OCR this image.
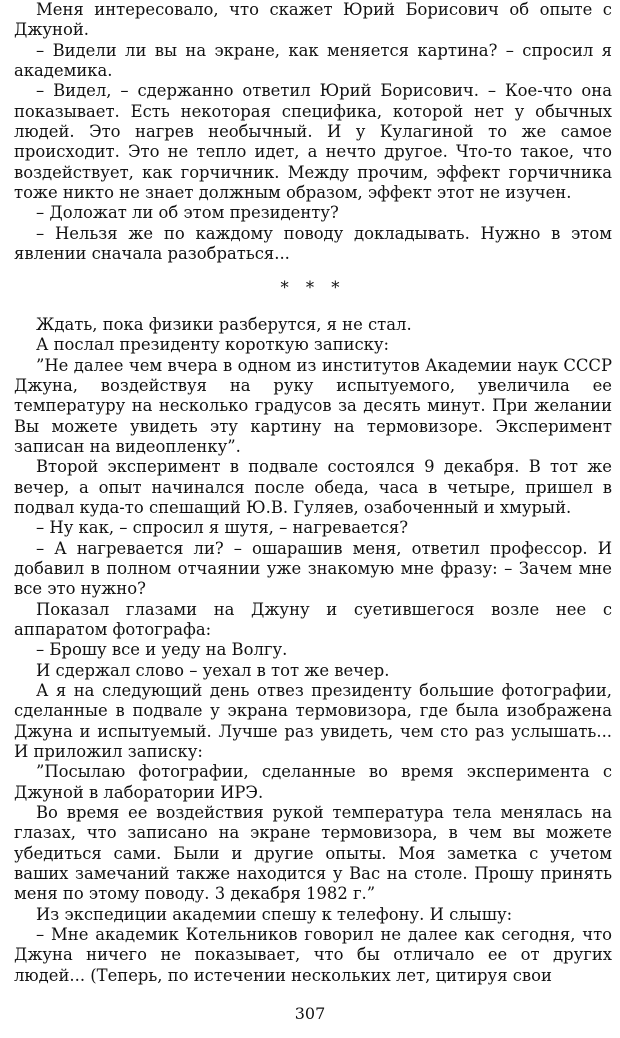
Меня интересовало, что скажет Юрий Борисович об опыте с Джуной.

– Видели ли вы на экране, как меняется картина? – спросил я академика.

– Видел, – сдержанно ответил Юрий Борисович. – Кое-что она показывает. Есть некоторая специфика, которой нет у обычных людей. Это нагрев необычный. И у Кулагиной то же самое происходит. Это не тепло идет, а нечто другое. Что-то такое, что воздействует, как горчичник. Между прочим, эффект горчичника тоже никто не знает должным образом, эффект этот не изучен.

– Доложат ли об этом президенту?

– Нельзя же по каждому поводу докладывать. Нужно в этом явлении сначала разобраться...

* * *

Ждать, пока физики разберутся, я не стал.

А послал президенту короткую записку:

”Не далее чем вчера в одном из институтов Академии наук СССР Джуна, воздействуя на руку испытуемого, увеличила ее температуру на несколько градусов за десять минут. При желании Вы можете увидеть эту картину на термовизоре. Эксперимент записан на видеопленку”.

Второй эксперимент в подвале состоялся 9 декабря. В тот же вечер, а опыт начинался после обеда, часа в четыре, пришел в подвал куда-то спешащий Ю.В. Гуляев, озабоченный и хмурый.

– Ну как, – спросил я шутя, – нагревается?

– А нагревается ли? – ошарашив меня, ответил профессор. И добавил в полном отчаянии уже знакомую мне фразу: – Зачем мне все это нужно?

Показал глазами на Джуну и суетившегося возле нее с аппаратом фотографа:

– Брошу все и уеду на Волгу.

И сдержал слово – уехал в тот же вечер.

А я на следующий день отвез президенту большие фотографии, сделанные в подвале у экрана термовизора, где была изображена Джуна и испытуемый. Лучше раз увидеть, чем сто раз услышать... И приложил записку:

”Посылаю фотографии, сделанные во время эксперимента с Джуной в лаборатории ИРЭ.

Во время ее воздействия рукой температура тела менялась на глазах, что записано на экране термовизора, в чем вы можете убедиться сами. Были и другие опыты. Моя заметка с учетом ваших замечаний также находится у Вас на столе. Прошу принять меня по этому поводу. 3 декабря 1982 г.”

Из экспедиции академии спешу к телефону. И слышу:

– Мне академик Котельников говорил не далее как сегодня, что Джуна ничего не показывает, что бы отличало ее от других людей... (Теперь, по истечении нескольких лет, цитируя свои

307
